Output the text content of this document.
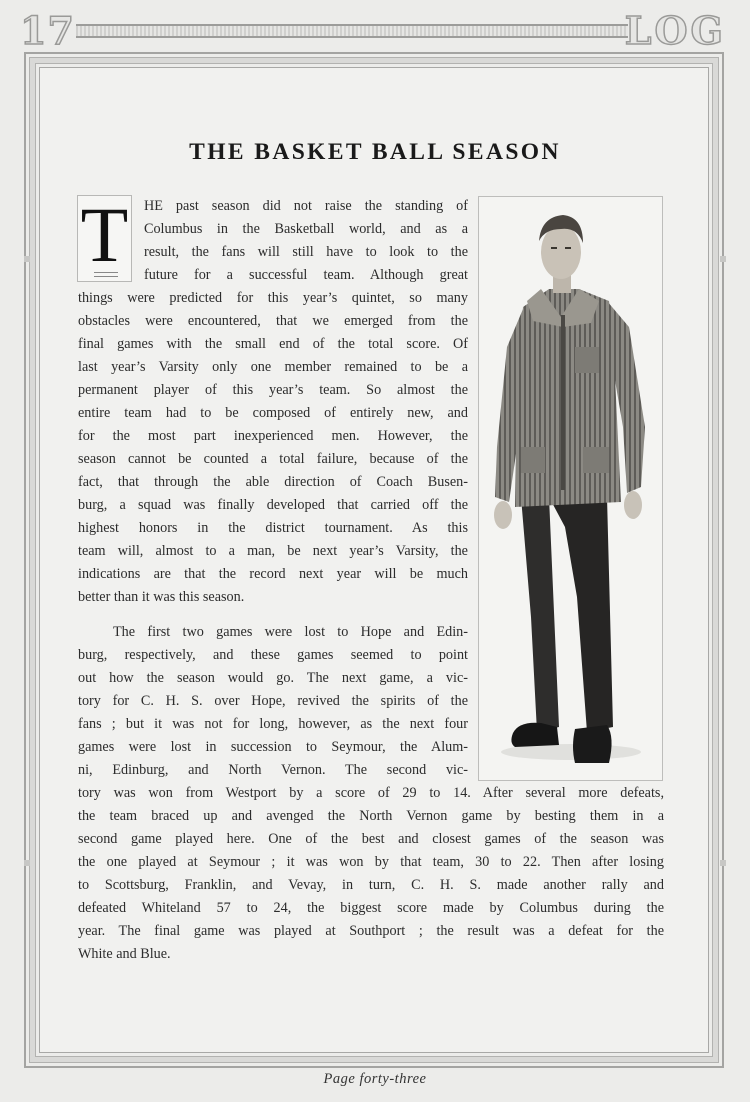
17	LOG
THE BASKET BALL SEASON
T HE past season did not raise the standing of

Columbus in the Basketball world, and as a

result, the fans will still have to look to the

future for a successful team. Although great

things were predicted for this year’s quintet, so many

obstacles were encountered, that we emerged from the

final games with the small end of the total score. Of

last year’s Varsity only one member remained to be a

permanent player of this year’s team. So almost the

entire team had to be composed of entirely new, and

for the most part inexperienced men. However, the

season cannot be counted a total failure, because of the

fact, that through the able direction of Coach Busen-

burg, a squad was finally developed that carried off the

highest honors in the district tournament. As this

team will, almost to a man, be next year’s Varsity, the

indications are that the record next year will be much

better than it was this season.

The first two games were lost to Hope and Edin-

burg, respectively, and these games seemed to point

out how the season would go. The next game, a vic-

tory for C. H. S. over Hope, revived the spirits of the

fans ; but it was not for long, however, as the next four

games were lost in succession to Seymour, the Alum-

ni, Edinburg, and North Vernon. The second vic-

tory was won from Westport by a score of 29 to 14. After several more defeats,

the team braced up and avenged the North Vernon game by besting them in a

second game played here. One of the best and closest games of the season was

the one played at Seymour ; it was won by that team, 30 to 22. Then after losing

to Scottsburg, Franklin, and Vevay, in turn, C. H. S. made another rally and

defeated Whiteland 57 to 24, the biggest score made by Columbus during the

year. The final game was played at Southport ; the result was a defeat for the

White and Blue.

Page forty-three
